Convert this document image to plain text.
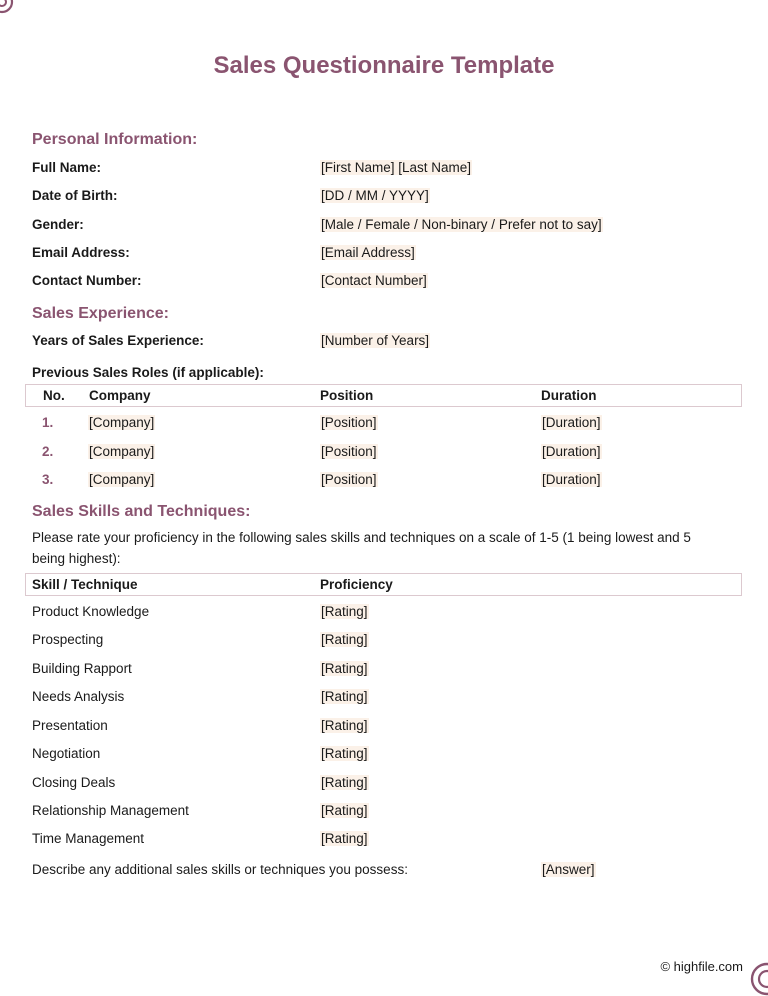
Sales Questionnaire Template
Personal Information:
Full Name:	[First Name] [Last Name]
Date of Birth:	[DD / MM / YYYY]
Gender:	[Male / Female / Non-binary / Prefer not to say]
Email Address:	[Email Address]
Contact Number:	[Contact Number]
Sales Experience:
Years of Sales Experience:	[Number of Years]
Previous Sales Roles (if applicable):
No. Company	Position	Duration
1.	[Company]	[Position]	[Duration]
2.	[Company]	[Position]	[Duration]
3.	[Company]	[Position]	[Duration]
Sales Skills and Techniques:
Please rate your proficiency in the following sales skills and techniques on a scale of 1-5 (1 being lowest and 5 being highest):
Skill / Technique	Proficiency
Product Knowledge	[Rating]
Prospecting	[Rating]
Building Rapport	[Rating]
Needs Analysis	[Rating]
Presentation	[Rating]
Negotiation	[Rating]
Closing Deals	[Rating]
Relationship Management	[Rating]
Time Management	[Rating]
Describe any additional sales skills or techniques you possess:	[Answer]
© highfile.com
